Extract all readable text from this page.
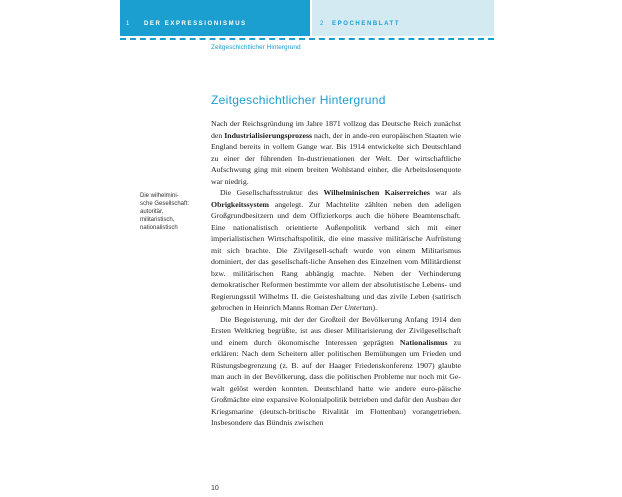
1 DER EXPRESSIONISMUS	2 EPOCHENBLATT
Zeitgeschichtlicher Hintergrund
Zeitgeschichtlicher Hintergrund
Die wilhelmini-
sche Gesellschaft:
autoritär,
militaristisch,
nationalistisch

Nach der Reichsgründung im Jahre 1871 vollzog das Deutsche Reich zunächst den Industrialisierungsprozess nach, der in ande-ren europäischen Staaten wie England bereits in vollem Gange war. Bis 1914 entwickelte sich Deutschland zu einer der führenden In-dustrienationen der Welt. Der wirtschaftliche Aufschwung ging mit einem breiten Wohlstand einher, die Arbeitslosenquote war niedrig.

Die Gesellschaftsstruktur des Wilhelminischen Kaiserreiches war als Obrigkeitssystem angelegt. Zur Machtelite zählten neben den adeligen Großgrundbesitzern und dem Offizierkorps auch die höhere Beamtenschaft. Eine nationalistisch orientierte Außenpolitik verband sich mit einer imperialistischen Wirtschaftspolitik, die eine massive militärische Aufrüstung mit sich brachte. Die Zivilgesell-schaft wurde von einem Militarismus dominiert, der das gesellschaft-liche Ansehen des Einzelnen vom Militärdienst bzw. militärischen Rang abhängig machte. Neben der Verhinderung demokratischer Reformen bestimmte vor allem der absolutistische Lebens- und Regierungsstil Wilhelms II. die Geisteshaltung und das zivile Leben (satirisch gebrochen in Heinrich Manns Roman Der Untertan).

Die Begeisterung, mit der der Großteil der Bevölkerung Anfang 1914 den Ersten Weltkrieg begrüßte, ist aus dieser Militarisierung der Zivilgesellschaft und einem durch ökonomische Interessen geprägten Nationalismus zu erklären: Nach dem Scheitern aller politischen Bemühungen um Frieden und Rüstungsbegrenzung (z. B. auf der Haager Friedenskonferenz 1907) glaubte man auch in der Bevölkerung, dass die politischen Probleme nur noch mit Ge-walt gelöst werden konnten. Deutschland hatte wie andere euro-päische Großmächte eine expansive Kolonialpolitik betrieben und dafür den Ausbau der Kriegsmarine (deutsch-britische Rivalität im Flottenbau) vorangetrieben. Insbesondere das Bündnis zwischen

10
